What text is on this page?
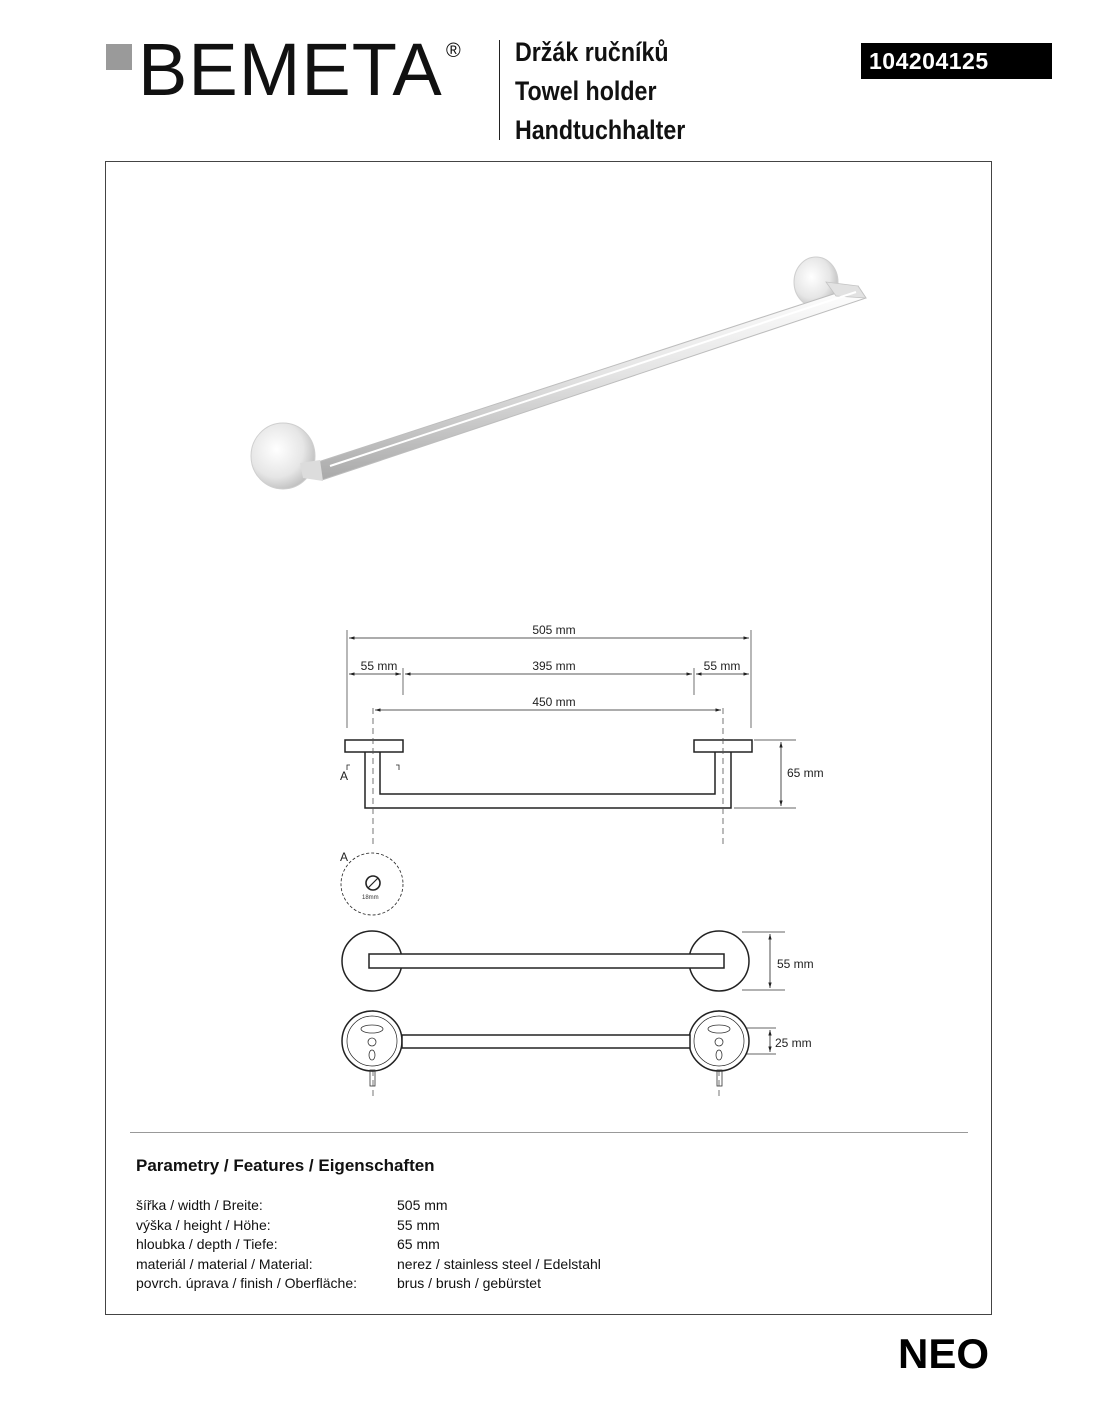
BEMETA ® Držák ručníků
Towel holder
Handtuchhalter
104204125
505 mm
55 mm	395 mm	55 mm
450 mm
65 mm
55 mm
25 mm
A
A
18mm
Parametry / Features / Eigenschaften
šířka / width / Breite:	505 mm
výška / height / Höhe:	55 mm
hloubka / depth / Tiefe:	65 mm
materiál / material / Material:	nerez / stainless steel / Edelstahl
povrch. úprava / finish / Oberfläche:	brus / brush / gebürstet
NEO
